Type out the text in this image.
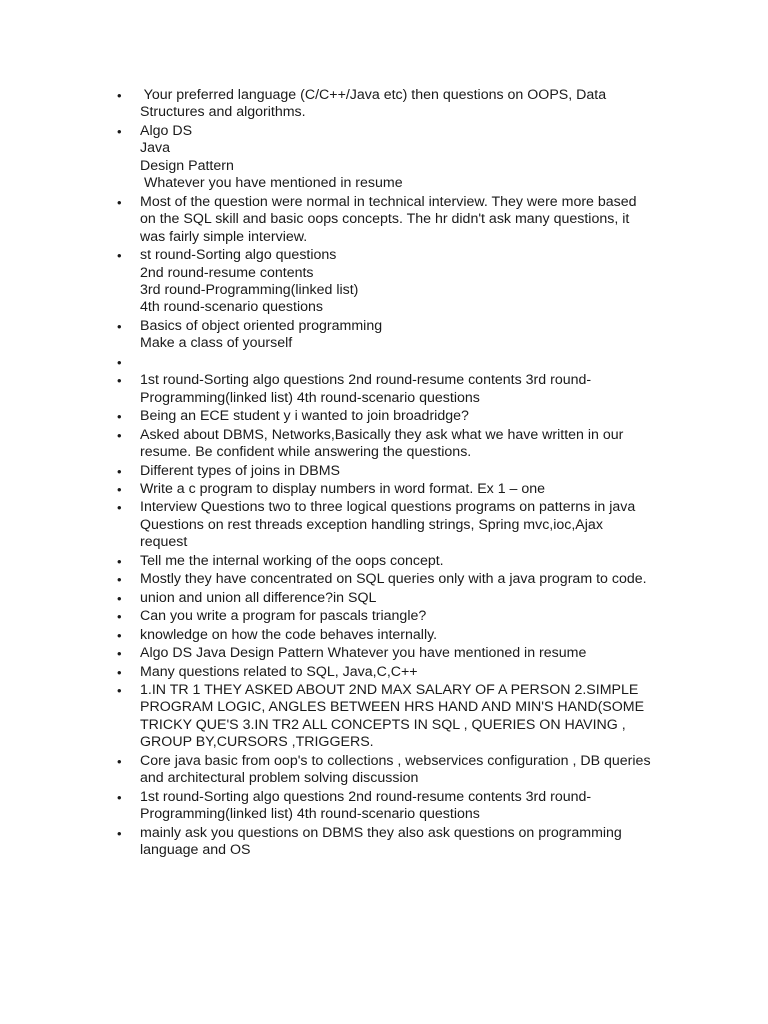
• Your preferred language (C/C++/Java etc) then questions on OOPS, Data
Structures and algorithms.
• Algo DS
Java
Design Pattern
Whatever you have mentioned in resume
• Most of the question were normal in technical interview. They were more based
on the SQL skill and basic oops concepts. The hr didn't ask many questions, it
was fairly simple interview.
• st round-Sorting algo questions
2nd round-resume contents
3rd round-Programming(linked list)
4th round-scenario questions
• Basics of object oriented programming
Make a class of yourself
•

• 1st round-Sorting algo questions 2nd round-resume contents 3rd round-
Programming(linked list) 4th round-scenario questions
• Being an ECE student y i wanted to join broadridge?
• Asked about DBMS, Networks,Basically they ask what we have written in our
resume. Be confident while answering the questions.
• Different types of joins in DBMS
• Write a c program to display numbers in word format. Ex 1 – one
• Interview Questions two to three logical questions programs on patterns in java
Questions on rest threads exception handling strings, Spring mvc,ioc,Ajax
request
• Tell me the internal working of the oops concept.
• Mostly they have concentrated on SQL queries only with a java program to code.
• union and union all difference?in SQL
• Can you write a program for pascals triangle?
• knowledge on how the code behaves internally.
• Algo DS Java Design Pattern Whatever you have mentioned in resume
• Many questions related to SQL, Java,C,C++
• 1.IN TR 1 THEY ASKED ABOUT 2ND MAX SALARY OF A PERSON 2.SIMPLE
PROGRAM LOGIC, ANGLES BETWEEN HRS HAND AND MIN'S HAND(SOME
TRICKY QUE'S 3.IN TR2 ALL CONCEPTS IN SQL , QUERIES ON HAVING ,
GROUP BY,CURSORS ,TRIGGERS.
• Core java basic from oop's to collections , webservices configuration , DB queries
and architectural problem solving discussion
• 1st round-Sorting algo questions 2nd round-resume contents 3rd round-
Programming(linked list) 4th round-scenario questions
• mainly ask you questions on DBMS they also ask questions on programming
language and OS
